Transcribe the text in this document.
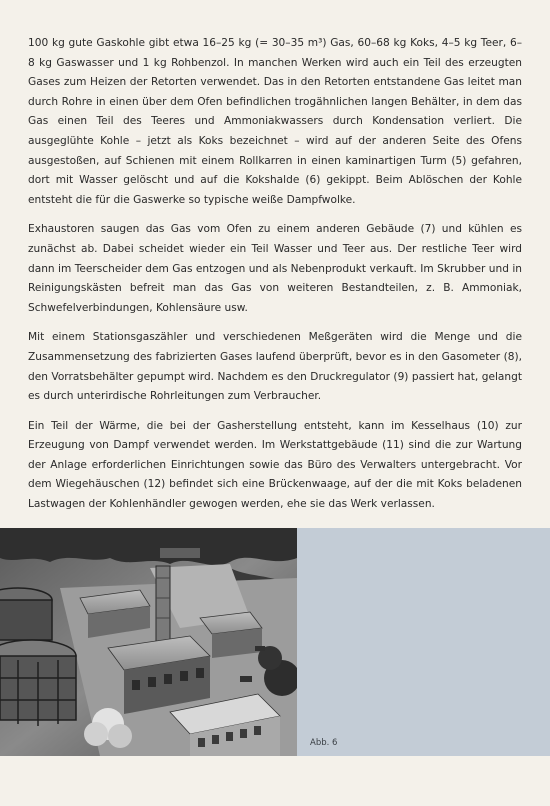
100 kg gute Gaskohle gibt etwa 16–25 kg (= 30–35 m³) Gas, 60–68 kg Koks, 4–5 kg Teer, 6–8 kg Gaswasser und 1 kg Rohbenzol. In manchen Werken wird auch ein Teil des erzeugten Gases zum Heizen der Retorten verwendet. Das in den Retorten entstandene Gas leitet man durch Rohre in einen über dem Ofen befindlichen trogähnlichen langen Behälter, in dem das Gas einen Teil des Teeres und Ammoniakwassers durch Kondensation verliert. Die ausgeglühte Kohle – jetzt als Koks bezeichnet – wird auf der anderen Seite des Ofens ausgestoßen, auf Schienen mit einem Rollkarren in einen kaminartigen Turm (5) gefahren, dort mit Wasser gelöscht und auf die Kokshalde (6) gekippt. Beim Ablöschen der Kohle entsteht die für die Gaswerke so typische weiße Dampfwolke.

Exhaustoren saugen das Gas vom Ofen zu einem anderen Gebäude (7) und kühlen es zunächst ab. Dabei scheidet wieder ein Teil Wasser und Teer aus. Der restliche Teer wird dann im Teerscheider dem Gas entzogen und als Nebenprodukt verkauft. Im Skrubber und in Reinigungskästen befreit man das Gas von weiteren Bestandteilen, z. B. Ammoniak, Schwefelverbindungen, Kohlensäure usw.

Mit einem Stationsgaszähler und verschiedenen Meßgeräten wird die Menge und die Zusammensetzung des fabrizierten Gases laufend überprüft, bevor es in den Gasometer (8), den Vorratsbehälter gepumpt wird. Nachdem es den Druckregulator (9) passiert hat, gelangt es durch unterirdische Rohrleitungen zum Verbraucher.

Ein Teil der Wärme, die bei der Gasherstellung entsteht, kann im Kesselhaus (10) zur Erzeugung von Dampf verwendet werden. Im Werkstattgebäude (11) sind die zur Wartung der Anlage erforderlichen Einrichtungen sowie das Büro des Verwalters untergebracht. Vor dem Wiegehäuschen (12) befindet sich eine Brückenwaage, auf der die mit Koks beladenen Lastwagen der Kohlenhändler gewogen werden, ehe sie das Werk verlassen.

Abb. 6
